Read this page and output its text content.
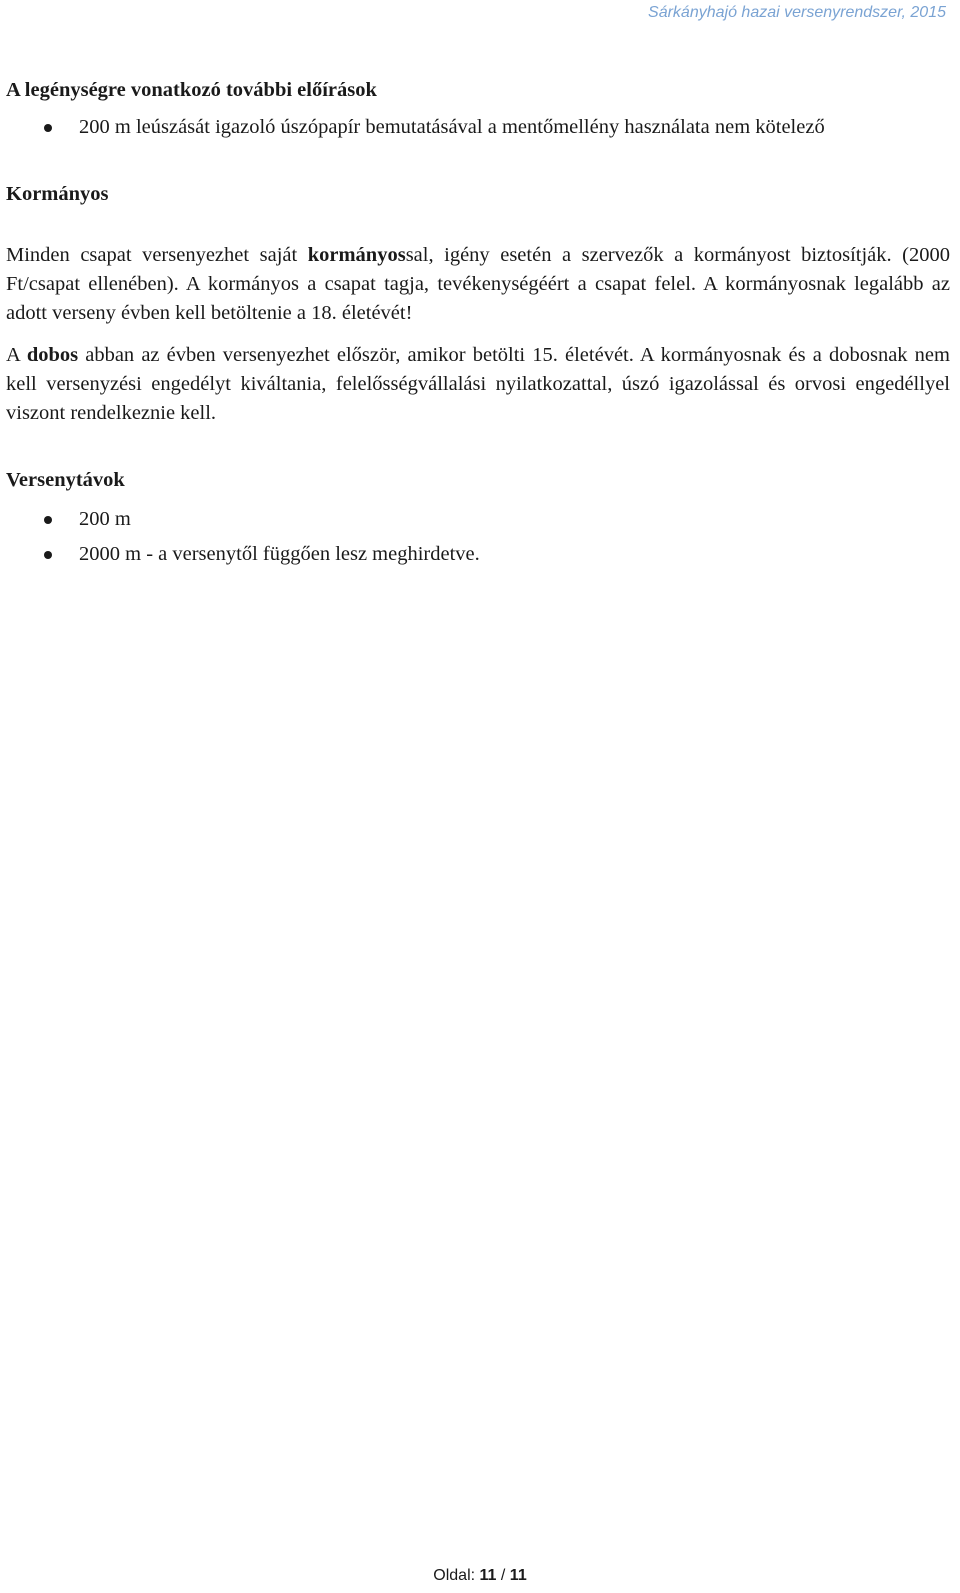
Sárkányhajó hazai versenyrendszer, 2015
A legénységre vonatkozó további előírások
200 m leúszását igazoló úszópapír bemutatásával a mentőmellény használata nem kötelező
Kormányos

Minden csapat versenyezhet saját kormányossal, igény esetén a szervezők a kormányost biztosítják. (2000 Ft/csapat ellenében). A kormányos a csapat tagja, tevékenységéért a csapat felel. A kormányosnak legalább az adott verseny évben kell betöltenie a 18. életévét!

A dobos abban az évben versenyezhet először, amikor betölti 15. életévét. A kormányosnak és a dobosnak nem kell versenyzési engedélyt kiváltania, felelősségvállalási nyilatkozattal, úszó igazolással és orvosi engedéllyel viszont rendelkeznie kell.

Versenytávok
200 m
2000 m - a versenytől függően lesz meghirdetve.
Oldal: 11 / 11
